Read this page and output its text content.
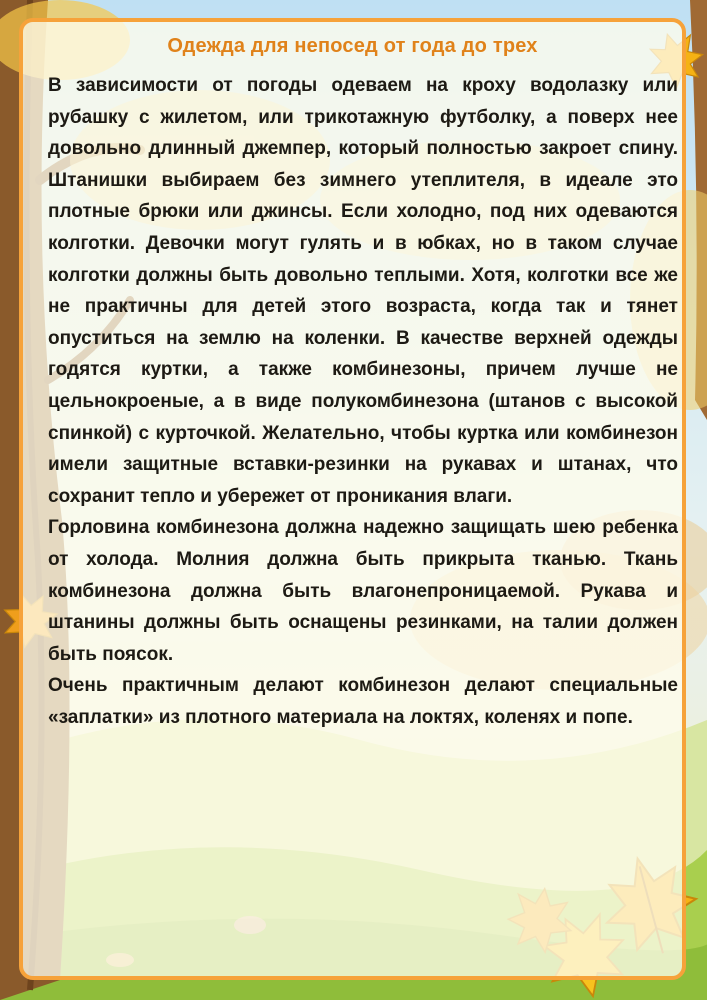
Одежда для непосед от года до трех

В зависимости от погоды одеваем на кроху водолазку или рубашку с жилетом, или трикотажную футболку, а поверх нее довольно длинный джемпер, который полностью закроет спину. Штанишки выбираем без зимнего утеплителя, в идеале это плотные брюки или джинсы. Если холодно, под них одеваются колготки. Девочки могут гулять и в юбках, но в таком случае колготки должны быть довольно теплыми. Хотя, колготки все же не практичны для детей этого возраста, когда так и тянет опуститься на землю на коленки. В качестве верхней одежды годятся куртки, а также комбинезоны, причем лучше не цельнокроеные, а в виде полукомбинезона (штанов с высокой спинкой) с курточкой. Желательно, чтобы куртка или комбинезон имели защитные вставки-резинки на рукавах и штанах, что сохранит тепло и убережет от проникания влаги.

Горловина комбинезона должна надежно защищать шею ребенка от холода. Молния должна быть прикрыта тканью. Ткань комбинезона должна быть влагонепроницаемой. Рукава и штанины должны быть оснащены резинками, на талии должен быть поясок.

Очень практичным делают комбинезон делают специальные «заплатки» из плотного материала на локтях, коленях и попе.
